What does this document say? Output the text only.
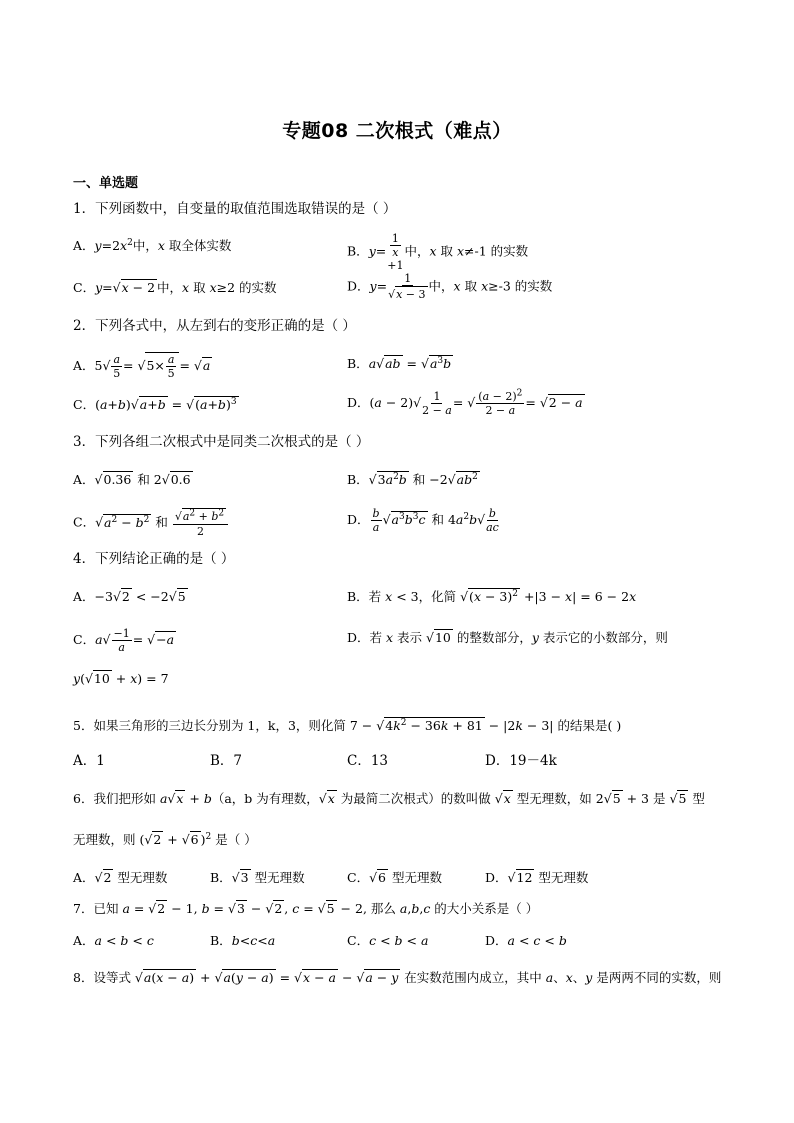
专题08 二次根式（难点）
一、单选题
1．下列函数中，自变量的取值范围选取错误的是（ ）
A．$y=2x^2$中，x 取全体实数	B．y=
1
x
+1中，x 取 x≠-1 的实数
C．y=√ x − 2 中，x 取 x≥2 的实数	D．$y= \frac{1}{√x - 3}$ 中，x 取 x≥-3 的实数
2．下列各式中，从左到右的变形正确的是（ ）
A．$5√ \frac{a}{5} = √5\times \frac{a}{5} = √a$	B．$a√ab = √a^3b$
C．$(a+b)√a+b = √(a+b)^3$	D．$(a - 2)√ \frac{1}{2 - a}$ = √ $\frac{(a - 2)^2}{2 - a} = √2 - a$
3．下列各组二次根式中是同类二次根式的是（ ）
A．√0.36 和 2√0.6	B．$√3a^2b$ 和 $-2√ab^2$
C．$√a^2 - b^2$ 和 $\frac{√a^2 + b^2}{2}$	D． $\frac{b}{a} √a^3b^3c$ 和 $4a^2b√ \frac{b}{ac}$
4．下列结论正确的是（ ）
A．−3√2 < −2√5	B．若 x < 3，化简 $√(x - 3)^2 +|3 - x| = 6 - 2x$
C．$a√ \frac{-1}{a} = √-a$	D．若 x 表示 √10 的整数部分，y 表示它的小数部分，则
y(√10 + x) = 7
5．如果三角形的三边长分别为 1，k，3，则化简 $7 - √4k^2 - 36k + 81 - |2k - 3|$ 的结果是( )
A．1	B．7	C．13	D．19－4k
6．我们把形如 a√x + b（a，b 为有理数，√x 为最简二次根式）的数叫做 √x 型无理数，如 2√5 + 3 是 √5 型
无理数，则 (√2 + √6 )$^2$ 是（ ）
A．√2 型无理数	B．√3 型无理数	C．√6 型无理数	D．√12 型无理数
7．已知 a = √2 − 1, b = √3 − √2 , c = √5 − 2, 那么 a,b,c 的大小关系是（ ）
A．a < b < c	B．b<c<a	C．c < b < a	D．a < c < b
8．设等式 √a(x − a) + √a(y − a) = √x − a − √a − y 在实数范围内成立，其中 a、x、y 是两两不同的实数，则
